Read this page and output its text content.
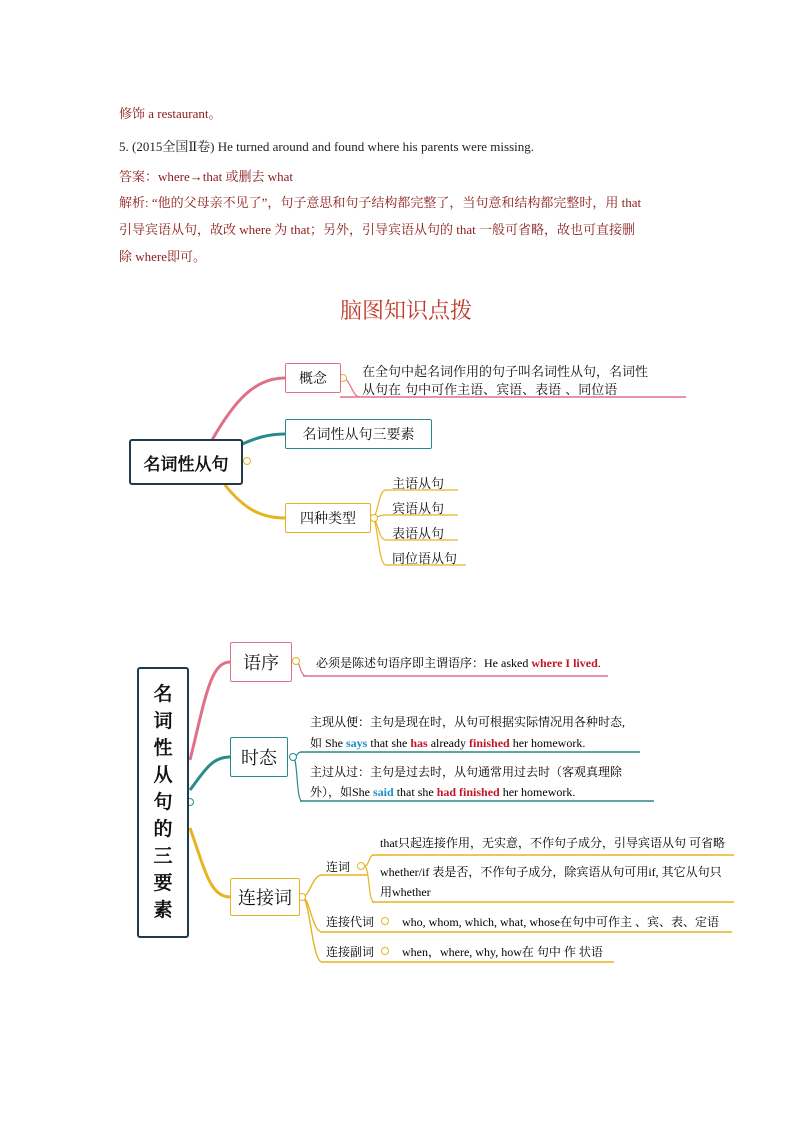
修饰 a restaurant。
5. (2015全国Ⅱ卷) He turned around and found where his parents were missing.
答案：where→that 或删去 what
解析: “他的父母亲不见了”，句子意思和句子结构都完整了，当句意和结构都完整时，用 that
引导宾语从句，故改 where 为 that；另外，引导宾语从句的 that 一般可省略，故也可直接删
除 where即可。
脑图知识点拨
名词性从句
概念	在全句中起名词作用的句子叫名词性从句，名词性
从句在 句中可作主语、宾语、表语 、同位语
名词性从句三要素
四种类型
主语从句
宾语从句
表语从句
同位语从句
名
词
性
从
句
的
三
要
素
语序	必须是陈述句语序即主谓语序：He asked where I lived.
时态
主现从便：主句是现在时，从句可根据实际情况用各种时态,
如 She says that she has already finished her homework.
主过从过：主句是过去时，从句通常用过去时（客观真理除
外），如She said that she had finished her homework.
连接词
连词
that只起连接作用，无实意，不作句子成分，引导宾语从句 可省略
whether/if 表是否，不作句子成分，除宾语从句可用if, 其它从句只
用whether
连接代词 who, whom, which, what, whose在句中可作主 、宾、表、定语
连接副词 when，where, why, how在 句中 作 状语
